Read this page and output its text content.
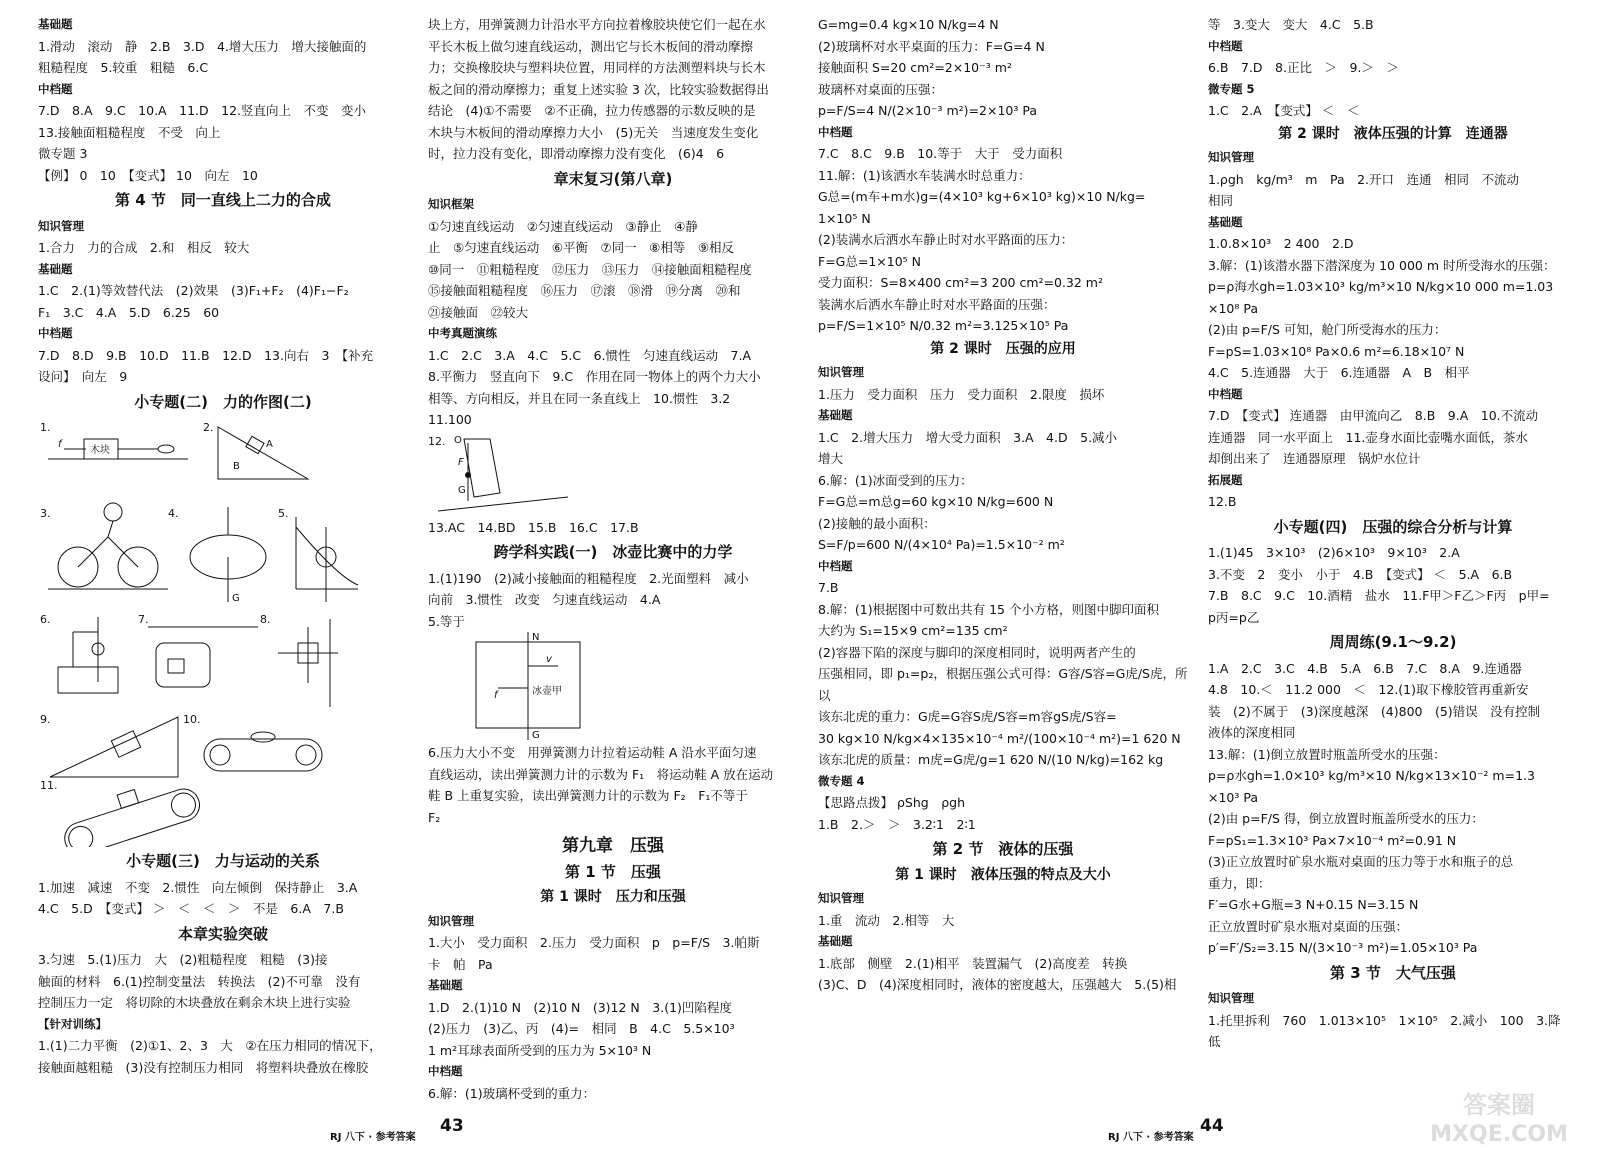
基础题

1.滑动　滚动　静　2.B　3.D　4.增大压力　增大接触面的

粗糙程度　5.较重　粗糙　6.C

中档题

7.D　8.A　9.C　10.A　11.D　12.竖直向上　不变　变小

13.接触面粗糙程度　不受　向上

微专题 3

【例】 0　10　【变式】 10　向左　10

第 4 节　同一直线上二力的合成

知识管理

1.合力　力的合成　2.和　相反　较大

基础题

1.C　2.(1)等效替代法　(2)效果　(3)F₁+F₂　(4)F₁−F₂

F₁　3.C　4.A　5.D　6.25　60

中档题

7.D　8.D　9.B　10.D　11.B　12.D　13.向右　3　【补充

设问】　向左　9

小专题(二)　力的作图(二)

1.
木块
f
2.
A
B
3.	4.
G
5.
6.	7.	8.
9.	10.
11.

小专题(三)　力与运动的关系

1.加速　减速　不变　2.惯性　向左倾倒　保持静止　3.A

4.C　5.D　【变式】 ＞　＜　＜　＞　不是　6.A　7.B

本章实验突破

3.匀速　5.(1)压力　大　(2)粗糙程度　粗糙　(3)接

触面的材料　6.(1)控制变量法　转换法　(2)不可靠　没有

控制压力一定　将切除的木块叠放在剩余木块上进行实验

【针对训练】

1.(1)二力平衡　(2)①1、2、3　大　②在压力相同的情况下，

接触面越粗糙　(3)没有控制压力相同　将塑料块叠放在橡胶

块上方，用弹簧测力计沿水平方向拉着橡胶块使它们一起在水

平长木板上做匀速直线运动，测出它与长木板间的滑动摩擦

力；交换橡胶块与塑料块位置，用同样的方法测塑料块与长木

板之间的滑动摩擦力；重复上述实验 3 次，比较实验数据得出

结论　(4)①不需要　②不正确，拉力传感器的示数反映的是

木块与木板间的滑动摩擦力大小　(5)无关　当速度发生变化

时，拉力没有变化，即滑动摩擦力没有变化　(6)4　6

章末复习(第八章)

知识框架

①匀速直线运动　②匀速直线运动　③静止　④静

止　⑤匀速直线运动　⑥平衡　⑦同一　⑧相等　⑨相反

⑩同一　⑪粗糙程度　⑫压力　⑬压力　⑭接触面粗糙程度

⑮接触面粗糙程度　⑯压力　⑰滚　⑱滑　⑲分离　⑳和

㉑接触面　㉒较大

中考真题演练

1.C　2.C　3.A　4.C　5.C　6.惯性　匀速直线运动　7.A

8.平衡力　竖直向下　9.C　作用在同一物体上的两个力大小

相等、方向相反，并且在同一条直线上　10.惯性　3.2

11.100

12. O
F
G

13.AC　14.BD　15.B　16.C　17.B

跨学科实践(一)　冰壶比赛中的力学

1.(1)190　(2)减小接触面的粗糙程度　2.光面塑料　减小

向前　3.惯性　改变　匀速直线运动　4.A

5.等于

N
v
f	冰壶甲
G

6.压力大小不变　用弹簧测力计拉着运动鞋 A 沿水平面匀速

直线运动，读出弹簧测力计的示数为 F₁　将运动鞋 A 放在运动

鞋 B 上重复实验，读出弹簧测力计的示数为 F₂　F₁不等于

F₂

第九章　压强

第 1 节　压强

第 1 课时　压力和压强

知识管理

1.大小　受力面积　2.压力　受力面积　p　p=F/S　3.帕斯

卡　帕　Pa

基础题

1.D　2.(1)10 N　(2)10 N　(3)12 N　3.(1)凹陷程度

(2)压力　(3)乙、丙　(4)=　相同　B　4.C　5.5×10³

1 m²耳球表面所受到的压力为 5×10³ N

中档题

6.解：(1)玻璃杯受到的重力：

G=mg=0.4 kg×10 N/kg=4 N

(2)玻璃杯对水平桌面的压力：F=G=4 N

接触面积 S=20 cm²=2×10⁻³ m²

玻璃杯对桌面的压强：

p=F/S=4 N/(2×10⁻³ m²)=2×10³ Pa

中档题

7.C　8.C　9.B　10.等于　大于　受力面积

11.解：(1)该洒水车装满水时总重力：

G总=(m车+m水)g=(4×10³ kg+6×10³ kg)×10 N/kg=

1×10⁵ N

(2)装满水后洒水车静止时对水平路面的压力：

F=G总=1×10⁵ N

受力面积：S=8×400 cm²=3 200 cm²=0.32 m²

装满水后洒水车静止时对水平路面的压强：

p=F/S=1×10⁵ N/0.32 m²=3.125×10⁵ Pa

第 2 课时　压强的应用

知识管理

1.压力　受力面积　压力　受力面积　2.限度　损坏

基础题

1.C　2.增大压力　增大受力面积　3.A　4.D　5.减小

增大

6.解：(1)冰面受到的压力：

F=G总=m总g=60 kg×10 N/kg=600 N

(2)接触的最小面积：

S=F/p=600 N/(4×10⁴ Pa)=1.5×10⁻² m²

中档题

7.B

8.解：(1)根据图中可数出共有 15 个小方格，则图中脚印面积

大约为 S₁=15×9 cm²=135 cm²

(2)容器下陷的深度与脚印的深度相同时，说明两者产生的

压强相同，即 p₁=p₂，根据压强公式可得：G容/S容=G虎/S虎，所以

该东北虎的重力：G虎=G容S虎/S容=m容gS虎/S容=

30 kg×10 N/kg×4×135×10⁻⁴ m²/(100×10⁻⁴ m²)=1 620 N

该东北虎的质量：m虎=G虎/g=1 620 N/(10 N/kg)=162 kg

微专题 4

【思路点拨】 ρShg　ρgh

1.B　2.＞　＞　3.2∶1　2∶1

第 2 节　液体的压强

第 1 课时　液体压强的特点及大小

知识管理

1.重　流动　2.相等　大

基础题

1.底部　侧壁　2.(1)相平　装置漏气　(2)高度差　转换

(3)C、D　(4)深度相同时，液体的密度越大，压强越大　5.(5)相

等　3.变大　变大　4.C　5.B

中档题

6.B　7.D　8.正比　＞　9.＞　＞

微专题 5

1.C　2.A　【变式】 ＜　＜

第 2 课时　液体压强的计算　连通器

知识管理

1.ρgh　kg/m³　m　Pa　2.开口　连通　相同　不流动

相同

基础题

1.0.8×10³　2 400　2.D

3.解：(1)该潜水器下潜深度为 10 000 m 时所受海水的压强：

p=ρ海水gh=1.03×10³ kg/m³×10 N/kg×10 000 m=1.03

×10⁸ Pa

(2)由 p=F/S 可知，舱门所受海水的压力：

F=pS=1.03×10⁸ Pa×0.6 m²=6.18×10⁷ N

4.C　5.连通器　大于　6.连通器　A　B　相平

中档题

7.D　【变式】 连通器　由甲流向乙　8.B　9.A　10.不流动

连通器　同一水平面上　11.壶身水面比壶嘴水面低，茶水

却倒出来了　连通器原理　锅炉水位计

拓展题

12.B

小专题(四)　压强的综合分析与计算

1.(1)45　3×10³　(2)6×10³　9×10³　2.A

3.不变　2　变小　小于　4.B　【变式】 ＜　5.A　6.B

7.B　8.C　9.C　10.酒精　盐水　11.F甲＞F乙＞F丙　p甲=

p丙=p乙

周周练(9.1～9.2)

1.A　2.C　3.C　4.B　5.A　6.B　7.C　8.A　9.连通器

4.8　10.＜　11.2 000　＜　12.(1)取下橡胶管再重新安

装　(2)不属于　(3)深度越深　(4)800　(5)错误　没有控制

液体的深度相同

13.解：(1)倒立放置时瓶盖所受水的压强：

p=ρ水gh=1.0×10³ kg/m³×10 N/kg×13×10⁻² m=1.3

×10³ Pa

(2)由 p=F/S 得，倒立放置时瓶盖所受水的压力：

F=pS₁=1.3×10³ Pa×7×10⁻⁴ m²=0.91 N

(3)正立放置时矿泉水瓶对桌面的压力等于水和瓶子的总

重力，即：

F′=G水+G瓶=3 N+0.15 N=3.15 N

正立放置时矿泉水瓶对桌面的压强：

p′=F′/S₂=3.15 N/(3×10⁻³ m²)=1.05×10³ Pa

第 3 节　大气压强

知识管理

1.托里拆利　760　1.013×10⁵　1×10⁵　2.减小　100　3.降

低

RJ 八下 · 参考答案
43
RJ 八下 · 参考答案
44
答案圈
MXQE.COM
